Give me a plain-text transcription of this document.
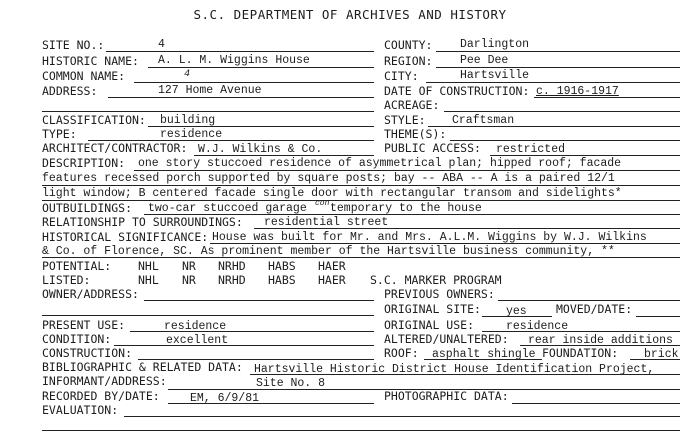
S.C. DEPARTMENT OF ARCHIVES AND HISTORY
SITE NO.:	4	COUNTY: Darlington
HISTORIC NAME: A. L. M. Wiggins House	REGION: Pee Dee
COMMON NAME:	4	CITY:	Hartsville
ADDRESS:	127 Home Avenue	DATE OF CONSTRUCTION: c. 1916-1917
ACREAGE:
CLASSIFICATION: building	STYLE: Craftsman
TYPE:	residence	THEME(S):
ARCHITECT/CONTRACTOR: W.J. Wilkins & Co.	PUBLIC ACCESS: restricted
DESCRIPTION: one story stuccoed residence of asymmetrical plan; hipped roof; facade
features recessed porch supported by square posts; bay -- ABA -- A is a paired 12/1
light window; B centered facade single door with rectangular transom and sidelights*
OUTBUILDINGS: two-car stuccoed garage con temporary to the house
RELATIONSHIP TO SURROUNDINGS: residential street
HISTORICAL SIGNIFICANCE: House was built for Mr. and Mrs. A.L.M. Wiggins by W.J. Wilkins
& Co. of Florence, SC. As prominent member of the Hartsville business community, **
POTENTIAL: NHL NR NRHD HABS HAER
LISTED:	NHL NR NRHD HABS HAER S.C. MARKER PROGRAM
OWNER/ADDRESS:	PREVIOUS OWNERS:
ORIGINAL SITE: yes	MOVED/DATE:
PRESENT USE:	residence	ORIGINAL USE:	residence
CONDITION:	excellent	ALTERED/UNALTERED: rear inside additions
CONSTRUCTION:	ROOF: asphalt shingle FOUNDATION: brick
BIBLIOGRAPHIC & RELATED DATA: Hartsville Historic District House Identification Project,
INFORMANT/ADDRESS:	Site No. 8
RECORDED BY/DATE:	EM, 6/9/81	PHOTOGRAPHIC DATA:
EVALUATION:
